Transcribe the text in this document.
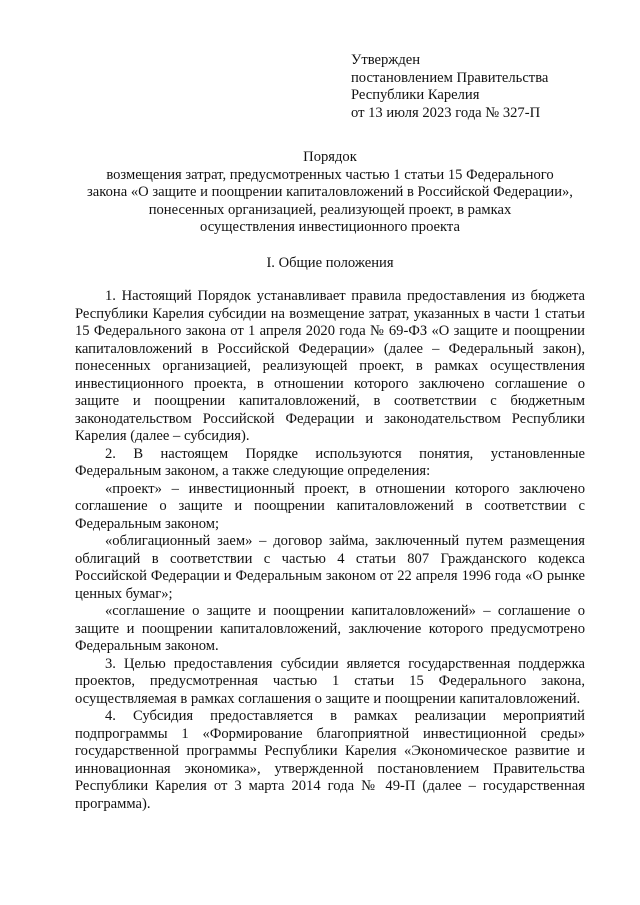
Утвержден
постановлением Правительства
Республики Карелия
от 13 июля 2023 года № 327-П
Порядок
возмещения затрат, предусмотренных частью 1 статьи 15 Федерального
закона «О защите и поощрении капиталовложений в Российской Федерации»,
понесенных организацией, реализующей проект, в рамках
осуществления инвестиционного проекта
I. Общие положения

1. Настоящий Порядок устанавливает правила предоставления из бюджета Республики Карелия субсидии на возмещение затрат, указанных в части 1 статьи 15 Федерального закона от 1 апреля 2020 года № 69-ФЗ «О защите и поощрении капиталовложений в Российской Федерации» (далее – Федеральный закон), понесенных организацией, реализующей проект, в рамках осуществления инвестиционного проекта, в отношении которого заключено соглашение о защите и поощрении капиталовложений, в соответствии с бюджетным законодательством Российской Федерации и законодательством Республики Карелия (далее – субсидия).

2. В настоящем Порядке используются понятия, установленные Федеральным законом, а также следующие определения:

«проект» – инвестиционный проект, в отношении которого заключено соглашение о защите и поощрении капиталовложений в соответствии с Федеральным законом;

«облигационный заем» – договор займа, заключенный путем размещения облигаций в соответствии с частью 4 статьи 807 Гражданского кодекса Российской Федерации и Федеральным законом от 22 апреля 1996 года «О рынке ценных бумаг»;

«соглашение о защите и поощрении капиталовложений» – соглашение о защите и поощрении капиталовложений, заключение которого предусмотрено Федеральным законом.

3. Целью предоставления субсидии является государственная поддержка проектов, предусмотренная частью 1 статьи 15 Федерального закона, осуществляемая в рамках соглашения о защите и поощрении капиталовложений.

4. Субсидия предоставляется в рамках реализации мероприятий подпрограммы 1 «Формирование благоприятной инвестиционной среды» государственной программы Республики Карелия «Экономическое развитие и инновационная экономика», утвержденной постановлением Правительства Республики Карелия от 3 марта 2014 года № 49-П (далее – государственная программа).
